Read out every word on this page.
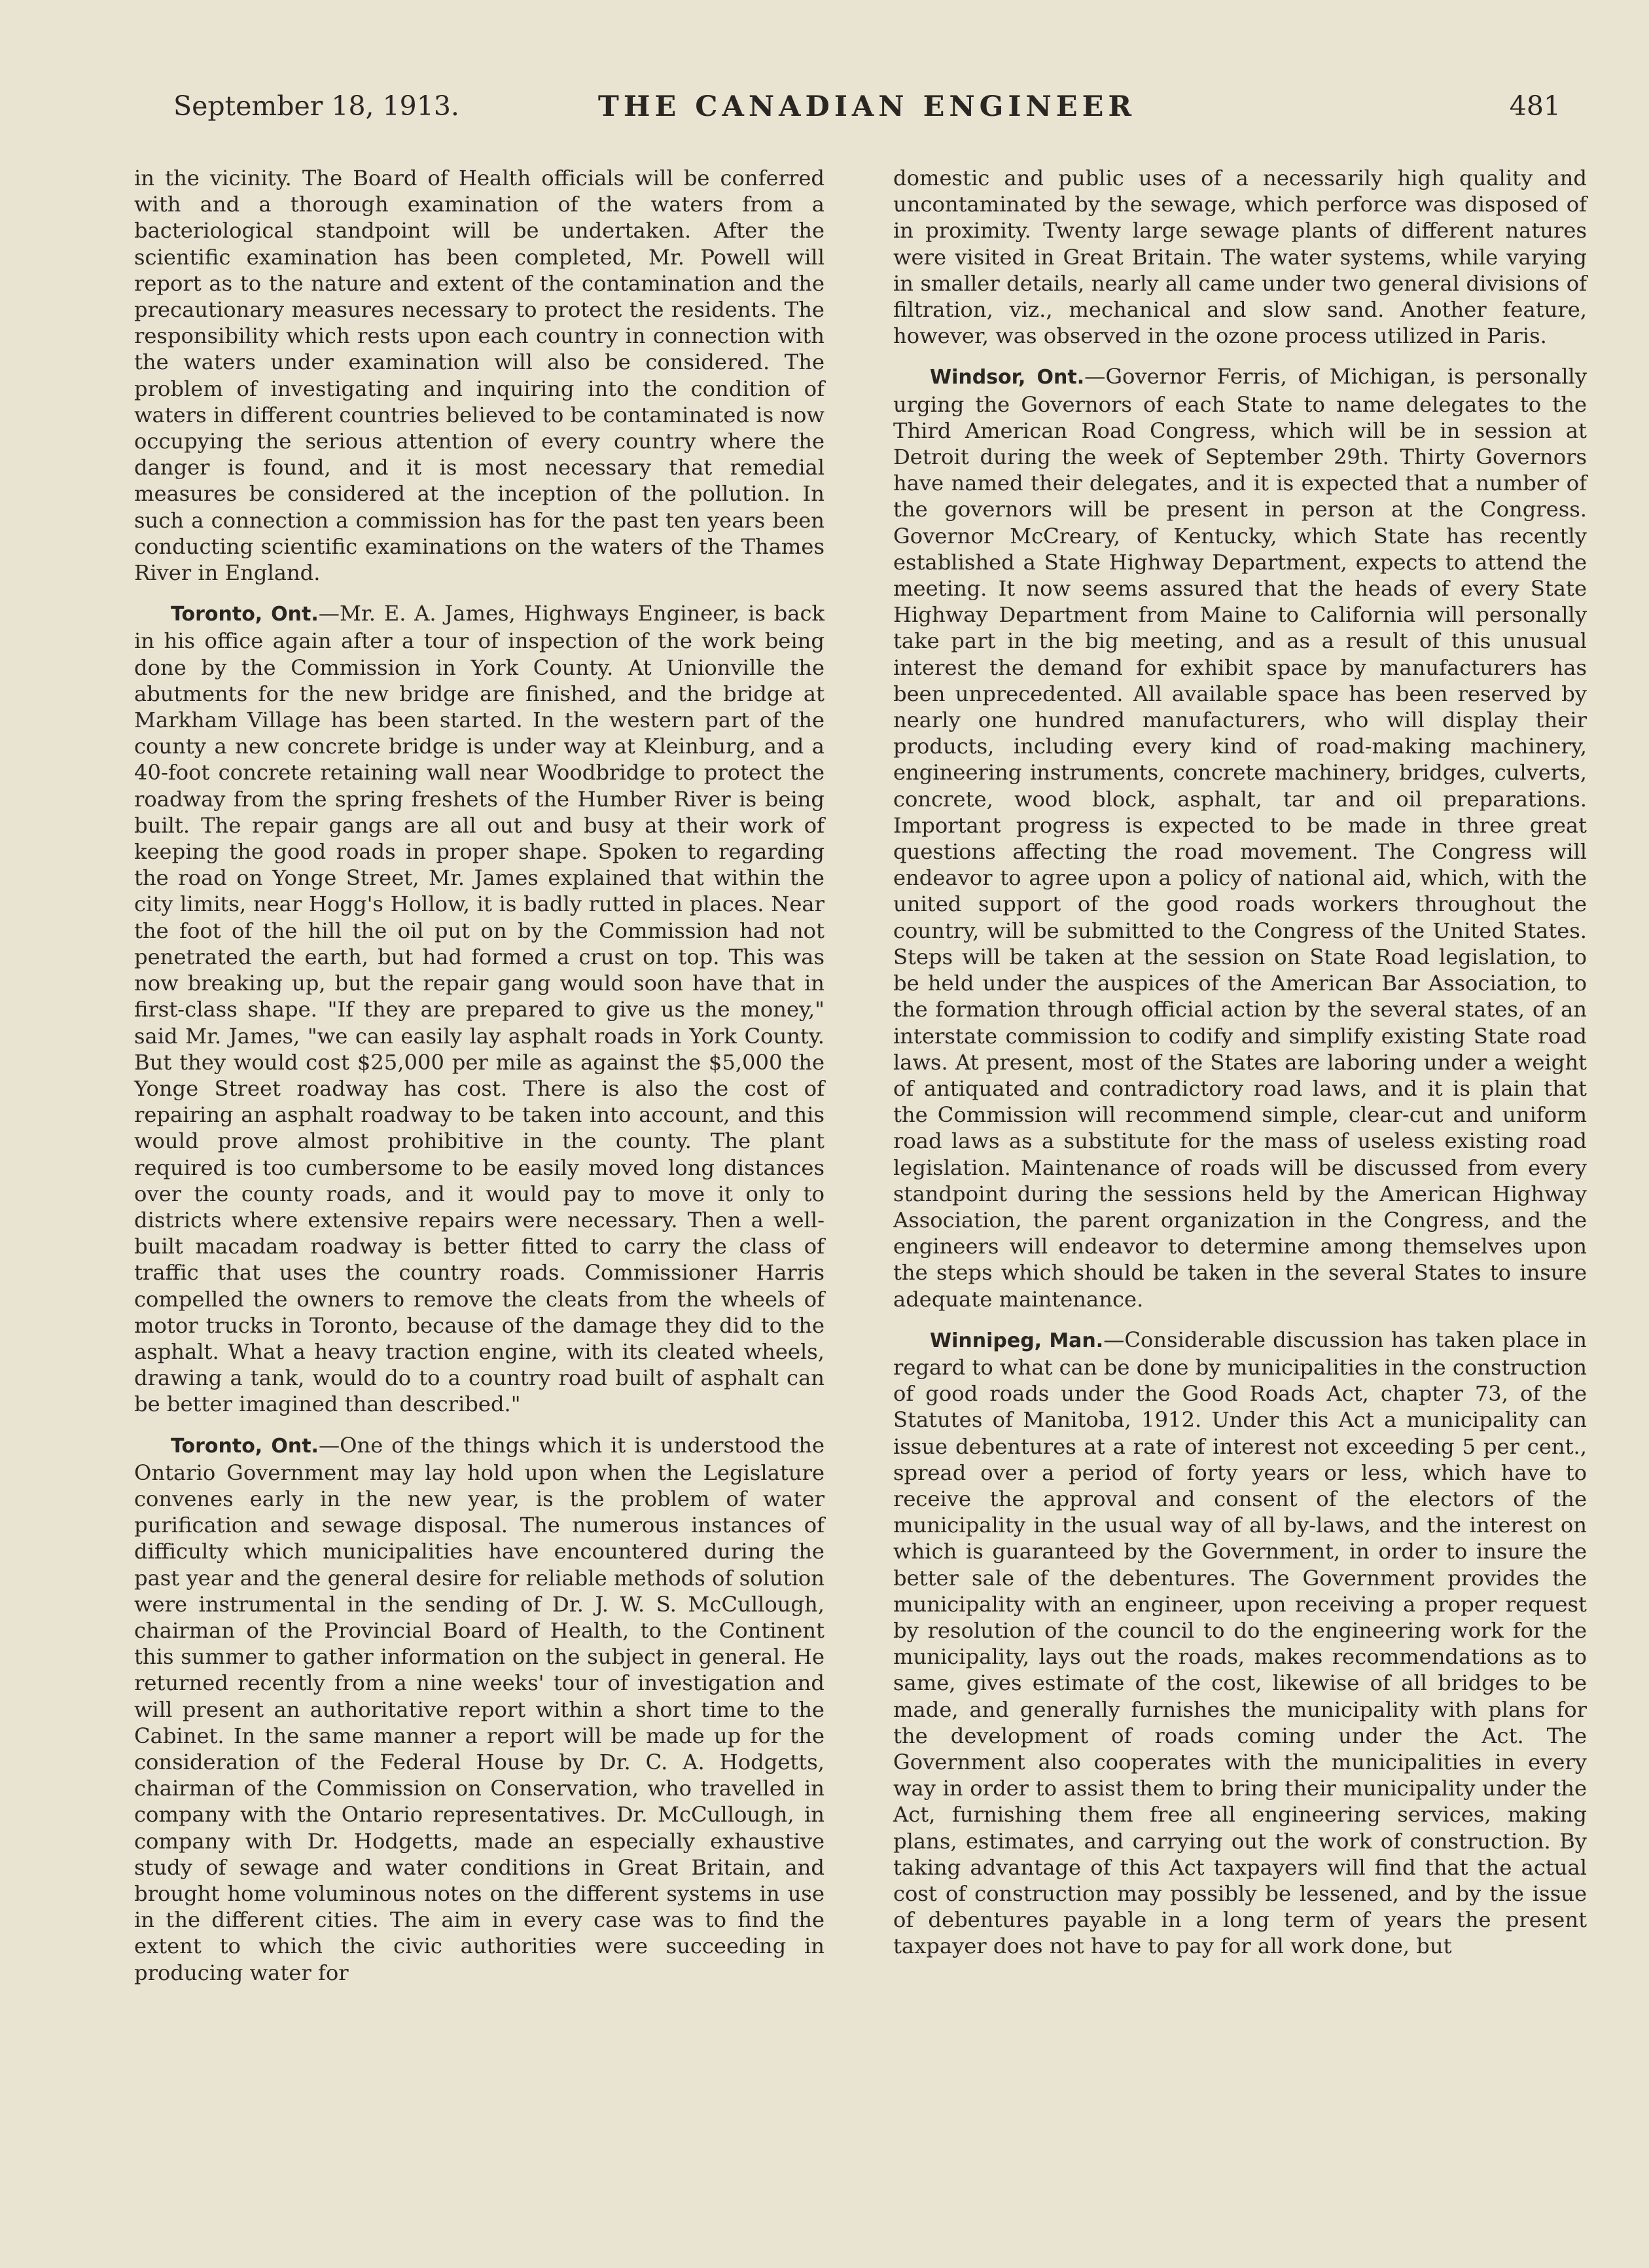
September 18, 1913.	THE CANADIAN ENGINEER	481

in the vicinity. The Board of Health officials will be conferred with and a thorough examination of the waters from a bacteriological standpoint will be undertaken. After the scientific examination has been completed, Mr. Powell will report as to the nature and extent of the contamination and the precautionary measures necessary to protect the residents. The responsibility which rests upon each country in connection with the waters under examination will also be considered. The problem of investigating and inquiring into the condition of waters in different countries believed to be contaminated is now occupying the serious attention of every country where the danger is found, and it is most necessary that remedial measures be considered at the inception of the pollution. In such a connection a commission has for the past ten years been conducting scientific examinations on the waters of the Thames River in England.

Toronto, Ont.—Mr. E. A. James, Highways Engineer, is back in his office again after a tour of inspection of the work being done by the Commission in York County. At Unionville the abutments for the new bridge are finished, and the bridge at Markham Village has been started. In the western part of the county a new concrete bridge is under way at Kleinburg, and a 40-foot concrete retaining wall near Woodbridge to protect the roadway from the spring freshets of the Humber River is being built. The repair gangs are all out and busy at their work of keeping the good roads in proper shape. Spoken to regarding the road on Yonge Street, Mr. James explained that within the city limits, near Hogg's Hollow, it is badly rutted in places. Near the foot of the hill the oil put on by the Commission had not penetrated the earth, but had formed a crust on top. This was now breaking up, but the repair gang would soon have that in first-class shape. "If they are prepared to give us the money," said Mr. James, "we can easily lay asphalt roads in York County. But they would cost $25,000 per mile as against the $5,000 the Yonge Street roadway has cost. There is also the cost of repairing an asphalt roadway to be taken into account, and this would prove almost prohibitive in the county. The plant required is too cumbersome to be easily moved long distances over the county roads, and it would pay to move it only to districts where extensive repairs were necessary. Then a well-built macadam roadway is better fitted to carry the class of traffic that uses the country roads. Commissioner Harris compelled the owners to remove the cleats from the wheels of motor trucks in Toronto, because of the damage they did to the asphalt. What a heavy traction engine, with its cleated wheels, drawing a tank, would do to a country road built of asphalt can be better imagined than described."

Toronto, Ont.—One of the things which it is understood the Ontario Government may lay hold upon when the Legislature convenes early in the new year, is the problem of water purification and sewage disposal. The numerous instances of difficulty which municipalities have encountered during the past year and the general desire for reliable methods of solution were instrumental in the sending of Dr. J. W. S. McCullough, chairman of the Provincial Board of Health, to the Continent this summer to gather information on the subject in general. He returned recently from a nine weeks' tour of investigation and will present an authoritative report within a short time to the Cabinet. In the same manner a report will be made up for the consideration of the Federal House by Dr. C. A. Hodgetts, chairman of the Commission on Conservation, who travelled in company with the Ontario representatives. Dr. McCullough, in company with Dr. Hodgetts, made an especially exhaustive study of sewage and water conditions in Great Britain, and brought home voluminous notes on the different systems in use in the different cities. The aim in every case was to find the extent to which the civic authorities were succeeding in producing water for

domestic and public uses of a necessarily high quality and uncontaminated by the sewage, which perforce was disposed of in proximity. Twenty large sewage plants of different natures were visited in Great Britain. The water systems, while varying in smaller details, nearly all came under two general divisions of filtration, viz., mechanical and slow sand. Another feature, however, was observed in the ozone process utilized in Paris.

Windsor, Ont.—Governor Ferris, of Michigan, is personally urging the Governors of each State to name delegates to the Third American Road Congress, which will be in session at Detroit during the week of September 29th. Thirty Governors have named their delegates, and it is expected that a number of the governors will be present in person at the Congress. Governor McCreary, of Kentucky, which State has recently established a State Highway Department, expects to attend the meeting. It now seems assured that the heads of every State Highway Department from Maine to California will personally take part in the big meeting, and as a result of this unusual interest the demand for exhibit space by manufacturers has been unprecedented. All available space has been reserved by nearly one hundred manufacturers, who will display their products, including every kind of road-making machinery, engineering instruments, concrete machinery, bridges, culverts, concrete, wood block, asphalt, tar and oil preparations. Important progress is expected to be made in three great questions affecting the road movement. The Congress will endeavor to agree upon a policy of national aid, which, with the united support of the good roads workers throughout the country, will be submitted to the Congress of the United States. Steps will be taken at the session on State Road legislation, to be held under the auspices of the American Bar Association, to the formation through official action by the several states, of an interstate commission to codify and simplify existing State road laws. At present, most of the States are laboring under a weight of antiquated and contradictory road laws, and it is plain that the Commission will recommend simple, clear-cut and uniform road laws as a substitute for the mass of useless existing road legislation. Maintenance of roads will be discussed from every standpoint during the sessions held by the American Highway Association, the parent organization in the Congress, and the engineers will endeavor to determine among themselves upon the steps which should be taken in the several States to insure adequate maintenance.

Winnipeg, Man.—Considerable discussion has taken place in regard to what can be done by municipalities in the construction of good roads under the Good Roads Act, chapter 73, of the Statutes of Manitoba, 1912. Under this Act a municipality can issue debentures at a rate of interest not exceeding 5 per cent., spread over a period of forty years or less, which have to receive the approval and consent of the electors of the municipality in the usual way of all by-laws, and the interest on which is guaranteed by the Government, in order to insure the better sale of the debentures. The Government provides the municipality with an engineer, upon receiving a proper request by resolution of the council to do the engineering work for the municipality, lays out the roads, makes recommendations as to same, gives estimate of the cost, likewise of all bridges to be made, and generally furnishes the municipality with plans for the development of roads coming under the Act. The Government also cooperates with the municipalities in every way in order to assist them to bring their municipality under the Act, furnishing them free all engineering services, making plans, estimates, and carrying out the work of construction. By taking advantage of this Act taxpayers will find that the actual cost of construction may possibly be lessened, and by the issue of debentures payable in a long term of years the present taxpayer does not have to pay for all work done, but
